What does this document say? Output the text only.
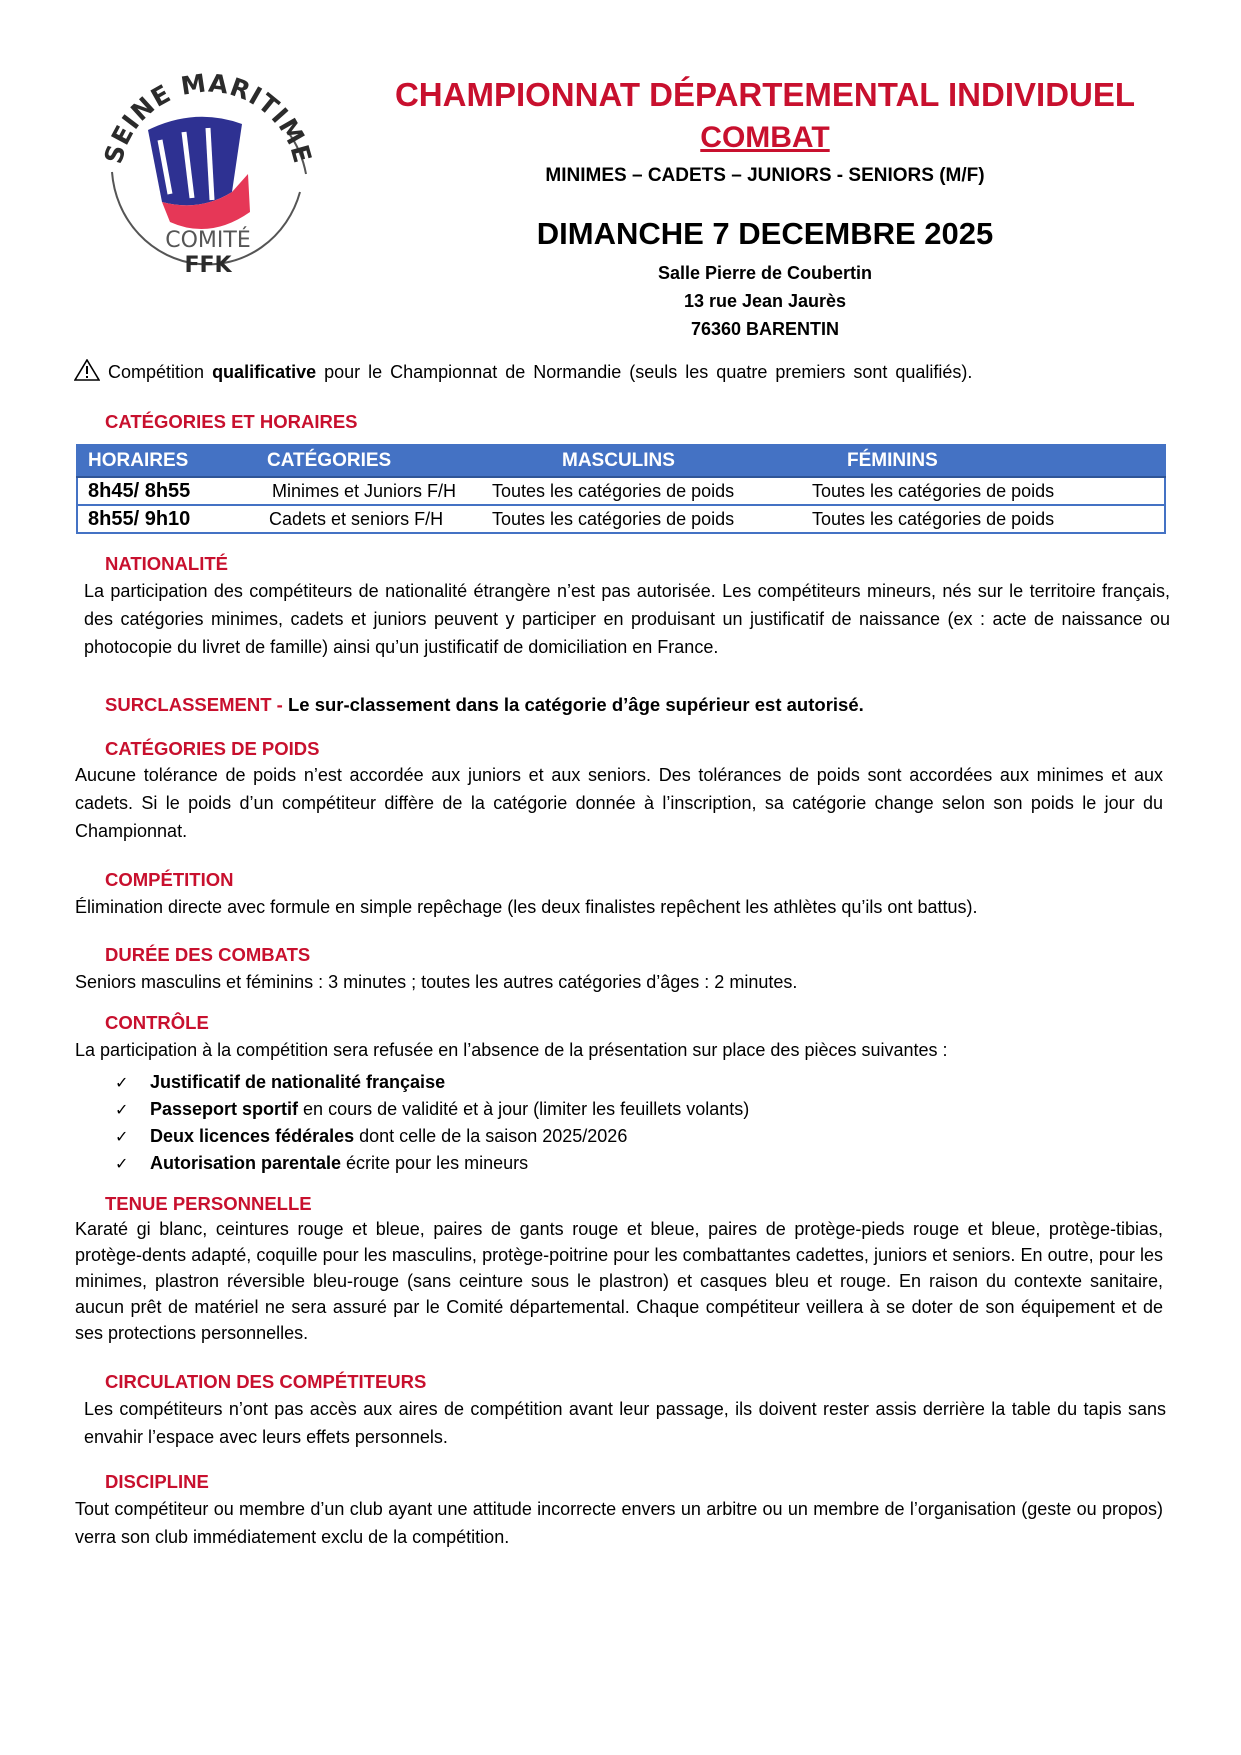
SEINE MARITIME
COMITÉ
FFK
CHAMPIONNAT DÉPARTEMENTAL INDIVIDUEL
COMBAT
MINIMES – CADETS – JUNIORS - SENIORS (M/F)
DIMANCHE 7 DECEMBRE 2025
Salle Pierre de Coubertin
13 rue Jean Jaurès
76360 BARENTIN
Compétition qualificative pour le Championnat de Normandie (seuls les quatre premiers sont qualifiés).
CATÉGORIES ET HORAIRES
HORAIRES	CATÉGORIES	MASCULINS	FÉMININS
8h45/ 8h55	Minimes et Juniors F/H	Toutes les catégories de poids	Toutes les catégories de poids
8h55/ 9h10	Cadets et seniors F/H	Toutes les catégories de poids	Toutes les catégories de poids
NATIONALITÉ
La participation des compétiteurs de nationalité étrangère n’est pas autorisée. Les compétiteurs mineurs, nés sur le territoire français, des catégories minimes, cadets et juniors peuvent y participer en produisant un justificatif de naissance (ex : acte de naissance ou photocopie du livret de famille) ainsi qu’un justificatif de domiciliation en France.
SURCLASSEMENT - Le sur-classement dans la catégorie d’âge supérieur est autorisé.
CATÉGORIES DE POIDS
Aucune tolérance de poids n’est accordée aux juniors et aux seniors. Des tolérances de poids sont accordées aux minimes et aux cadets. Si le poids d’un compétiteur diffère de la catégorie donnée à l’inscription, sa catégorie change selon son poids le jour du Championnat.
COMPÉTITION
Élimination directe avec formule en simple repêchage (les deux finalistes repêchent les athlètes qu’ils ont battus).
DURÉE DES COMBATS
Seniors masculins et féminins : 3 minutes ; toutes les autres catégories d’âges : 2 minutes.
CONTRÔLE
La participation à la compétition sera refusée en l’absence de la présentation sur place des pièces suivantes :
✓ Justificatif de nationalité française
✓ Passeport sportif en cours de validité et à jour (limiter les feuillets volants)
✓ Deux licences fédérales dont celle de la saison 2025/2026
✓ Autorisation parentale écrite pour les mineurs
TENUE PERSONNELLE
Karaté gi blanc, ceintures rouge et bleue, paires de gants rouge et bleue, paires de protège-pieds rouge et bleue, protège-tibias, protège-dents adapté, coquille pour les masculins, protège-poitrine pour les combattantes cadettes, juniors et seniors. En outre, pour les minimes, plastron réversible bleu-rouge (sans ceinture sous le plastron) et casques bleu et rouge. En raison du contexte sanitaire, aucun prêt de matériel ne sera assuré par le Comité départemental. Chaque compétiteur veillera à se doter de son équipement et de ses protections personnelles.
CIRCULATION DES COMPÉTITEURS
Les compétiteurs n’ont pas accès aux aires de compétition avant leur passage, ils doivent rester assis derrière la table du tapis sans envahir l’espace avec leurs effets personnels.
DISCIPLINE
Tout compétiteur ou membre d’un club ayant une attitude incorrecte envers un arbitre ou un membre de l’organisation (geste ou propos) verra son club immédiatement exclu de la compétition.
